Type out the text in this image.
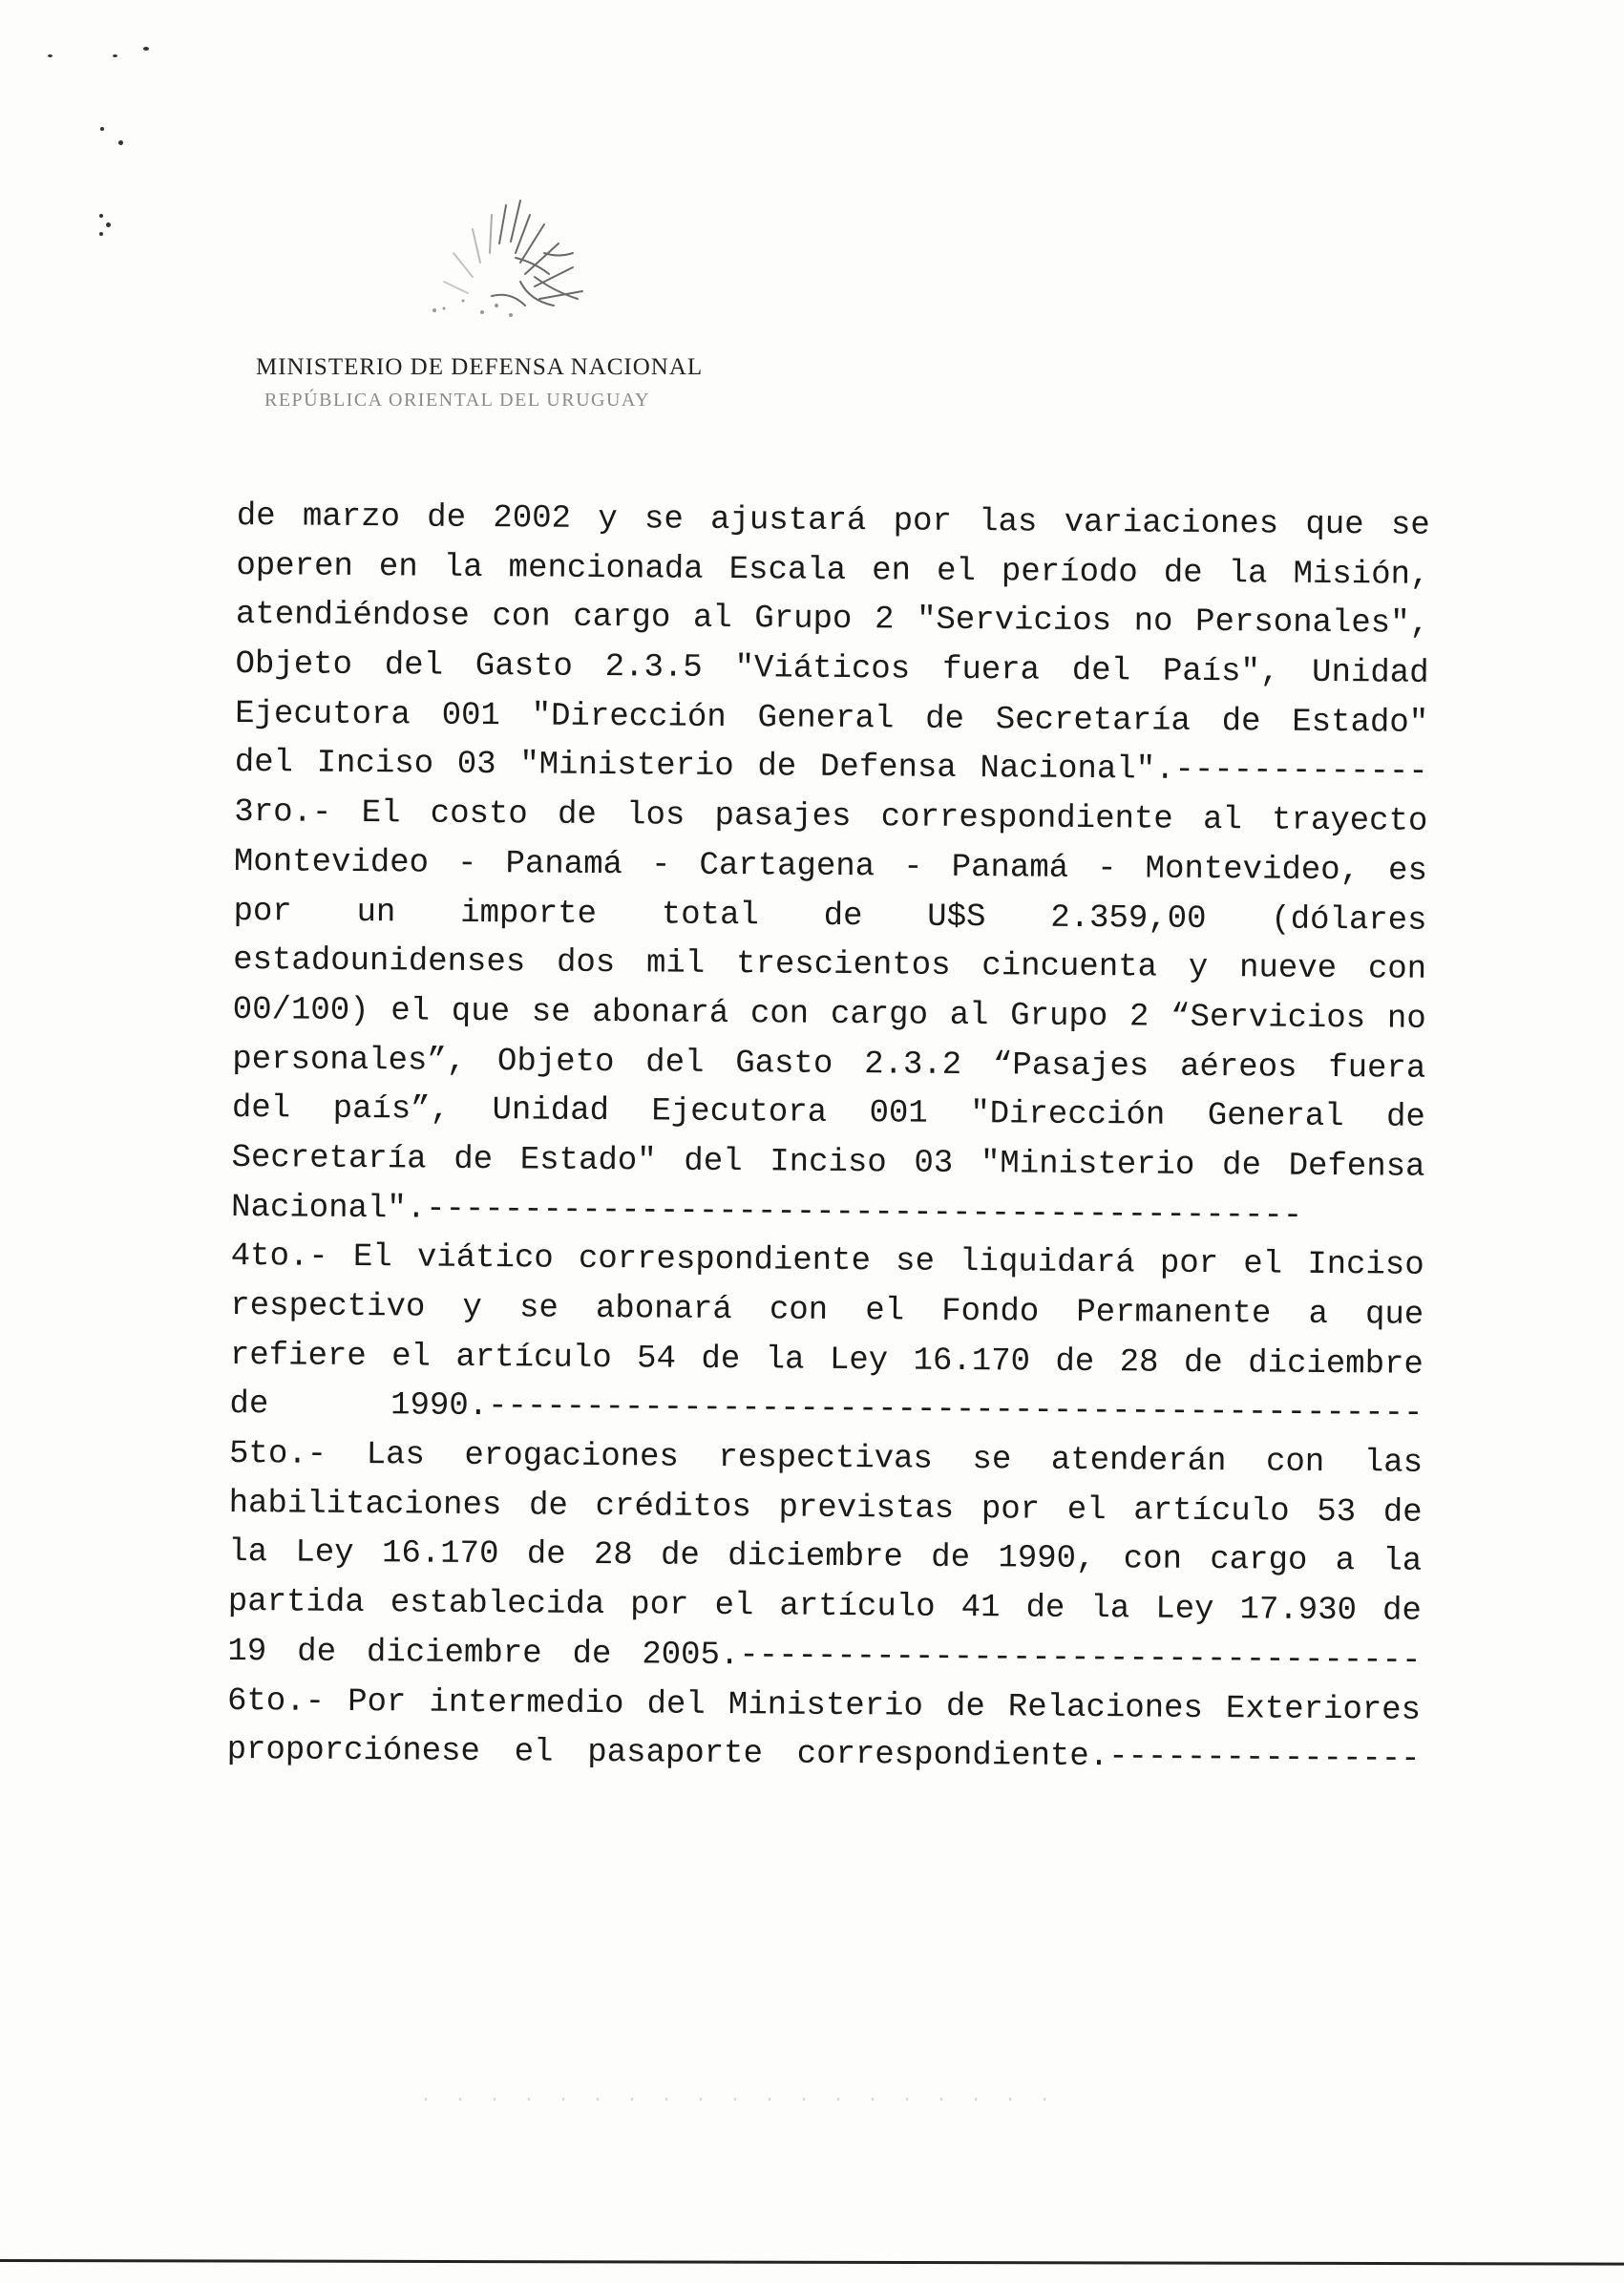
MINISTERIO DE DEFENSA NACIONAL
REPÚBLICA ORIENTAL DEL URUGUAY
de marzo de 2002 y se ajustará por las variaciones que se
operen en la mencionada Escala en el período de la Misión,
atendiéndose con cargo al Grupo 2 "Servicios no Personales",
Objeto del Gasto 2.3.5 "Viáticos fuera del País", Unidad
Ejecutora 001 "Dirección General de Secretaría de Estado"
del Inciso 03 "Ministerio de Defensa Nacional".-------------
3ro.- El costo de los pasajes correspondiente al trayecto
Montevideo - Panamá - Cartagena - Panamá - Montevideo, es
por un importe total de U$S 2.359,00 (dólares
estadounidenses dos mil trescientos cincuenta y nueve con
00/100) el que se abonará con cargo al Grupo 2 “Servicios no
personales”, Objeto del Gasto 2.3.2 “Pasajes aéreos fuera
del país”, Unidad Ejecutora 001 "Dirección General de
Secretaría de Estado" del Inciso 03 "Ministerio de Defensa
Nacional".---------------------------------------------
4to.- El viático correspondiente se liquidará por el Inciso
respectivo y se abonará con el Fondo Permanente a que
refiere el artículo 54 de la Ley 16.170 de 28 de diciembre
de 1990.------------------------------------------------
5to.- Las erogaciones respectivas se atenderán con las
habilitaciones de créditos previstas por el artículo 53 de
la Ley 16.170 de 28 de diciembre de 1990, con cargo a la
partida establecida por el artículo 41 de la Ley 17.930 de
19 de diciembre de 2005.-----------------------------------
6to.- Por intermedio del Ministerio de Relaciones Exteriores
proporciónese el pasaporte correspondiente.----------------
· · · · · · · · · · · · · · · · · · ·
